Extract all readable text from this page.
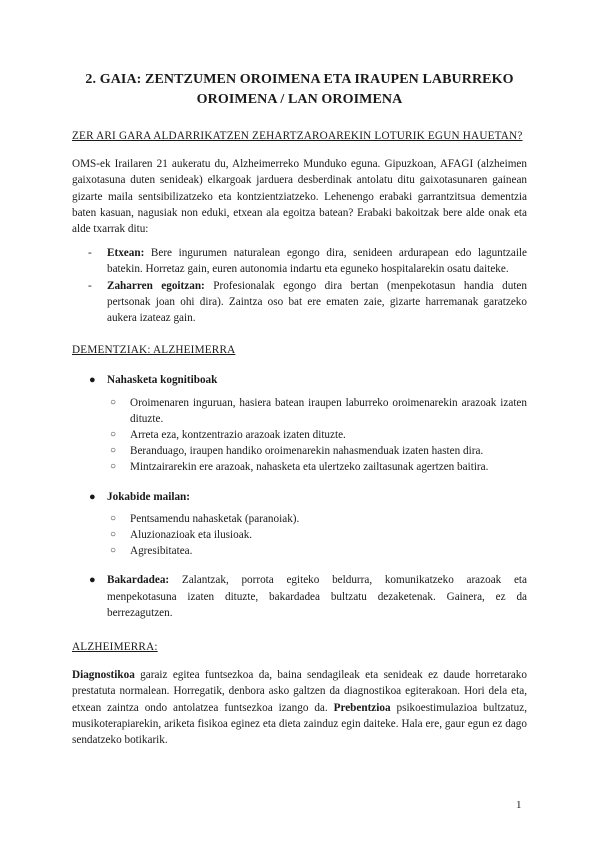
2. GAIA: ZENTZUMEN OROIMENA ETA IRAUPEN LABURREKO
OROIMENA / LAN OROIMENA
ZER ARI GARA ALDARRIKATZEN ZEHARTZAROAREKIN LOTURIK EGUN HAUETAN?

OMS-ek Irailaren 21 aukeratu du, Alzheimerreko Munduko eguna. Gipuzkoan, AFAGI (alzheimen gaixotasuna duten senideak) elkargoak jarduera desberdinak antolatu ditu gaixotasunaren gainean gizarte maila sentsibilizatzeko eta kontzientziatzeko. Lehenengo erabaki garrantzitsua dementzia baten kasuan, nagusiak non eduki, etxean ala egoitza batean? Erabaki bakoitzak bere alde onak eta alde txarrak ditu:

- Etxean: Bere ingurumen naturalean egongo dira, senideen ardurapean edo laguntzaile batekin. Horretaz gain, euren autonomia indartu eta eguneko hospitalarekin osatu daiteke.
- Zaharren egoitzan: Profesionalak egongo dira bertan (menpekotasun handia duten pertsonak joan ohi dira). Zaintza oso bat ere ematen zaie, gizarte harremanak garatzeko aukera izateaz gain.
DEMENTZIAK: ALZHEIMERRA
● Nahasketa kognitiboak
○ Oroimenaren inguruan, hasiera batean iraupen laburreko oroimenarekin arazoak izaten dituzte.
○ Arreta eza, kontzentrazio arazoak izaten dituzte.
○ Beranduago, iraupen handiko oroimenarekin nahasmenduak izaten hasten dira.
○ Mintzairarekin ere arazoak, nahasketa eta ulertzeko zailtasunak agertzen baitira.
● Jokabide mailan:
○ Pentsamendu nahasketak (paranoiak).
○ Aluzionazioak eta ilusioak.
○ Agresibitatea.
● Bakardadea: Zalantzak, porrota egiteko beldurra, komunikatzeko arazoak eta menpekotasuna izaten dituzte, bakardadea bultzatu dezaketenak. Gainera, ez da berrezagutzen.
ALZHEIMERRA:

Diagnostikoa garaiz egitea funtsezkoa da, baina sendagileak eta senideak ez daude horretarako prestatuta normalean. Horregatik, denbora asko galtzen da diagnostikoa egiterakoan. Hori dela eta, etxean zaintza ondo antolatzea funtsezkoa izango da. Prebentzioa psikoestimulazioa bultzatuz, musikoterapiarekin, ariketa fisikoa eginez eta dieta zainduz egin daiteke. Hala ere, gaur egun ez dago sendatzeko botikarik.

1
